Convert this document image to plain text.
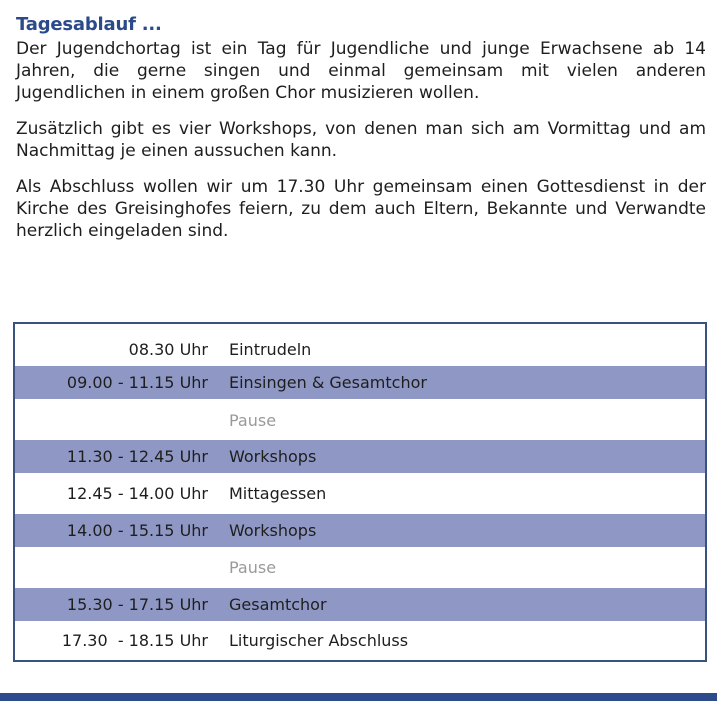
Tagesablauf ...

Der Jugendchortag ist ein Tag für Jugendliche und junge Erwachsene ab 14 Jahren, die gerne singen und einmal gemeinsam mit vielen anderen Jugendlichen in einem großen Chor musizieren wollen.

Zusätzlich gibt es vier Workshops, von denen man sich am Vormittag und am Nachmittag je einen aussuchen kann.

Als Abschluss wollen wir um 17.30 Uhr gemeinsam einen Gottesdienst in der Kirche des Greisinghofes feiern, zu dem auch Eltern, Bekannte und Verwandte herzlich eingeladen sind.

08.30 Uhr Eintrudeln
09.00 - 11.15 Uhr Einsingen & Gesamtchor
Pause
11.30 - 12.45 Uhr Workshops
12.45 - 14.00 Uhr Mittagessen
14.00 - 15.15 Uhr Workshops
Pause
15.30 - 17.15 Uhr Gesamtchor
17.30  - 18.15 Uhr Liturgischer Abschluss
